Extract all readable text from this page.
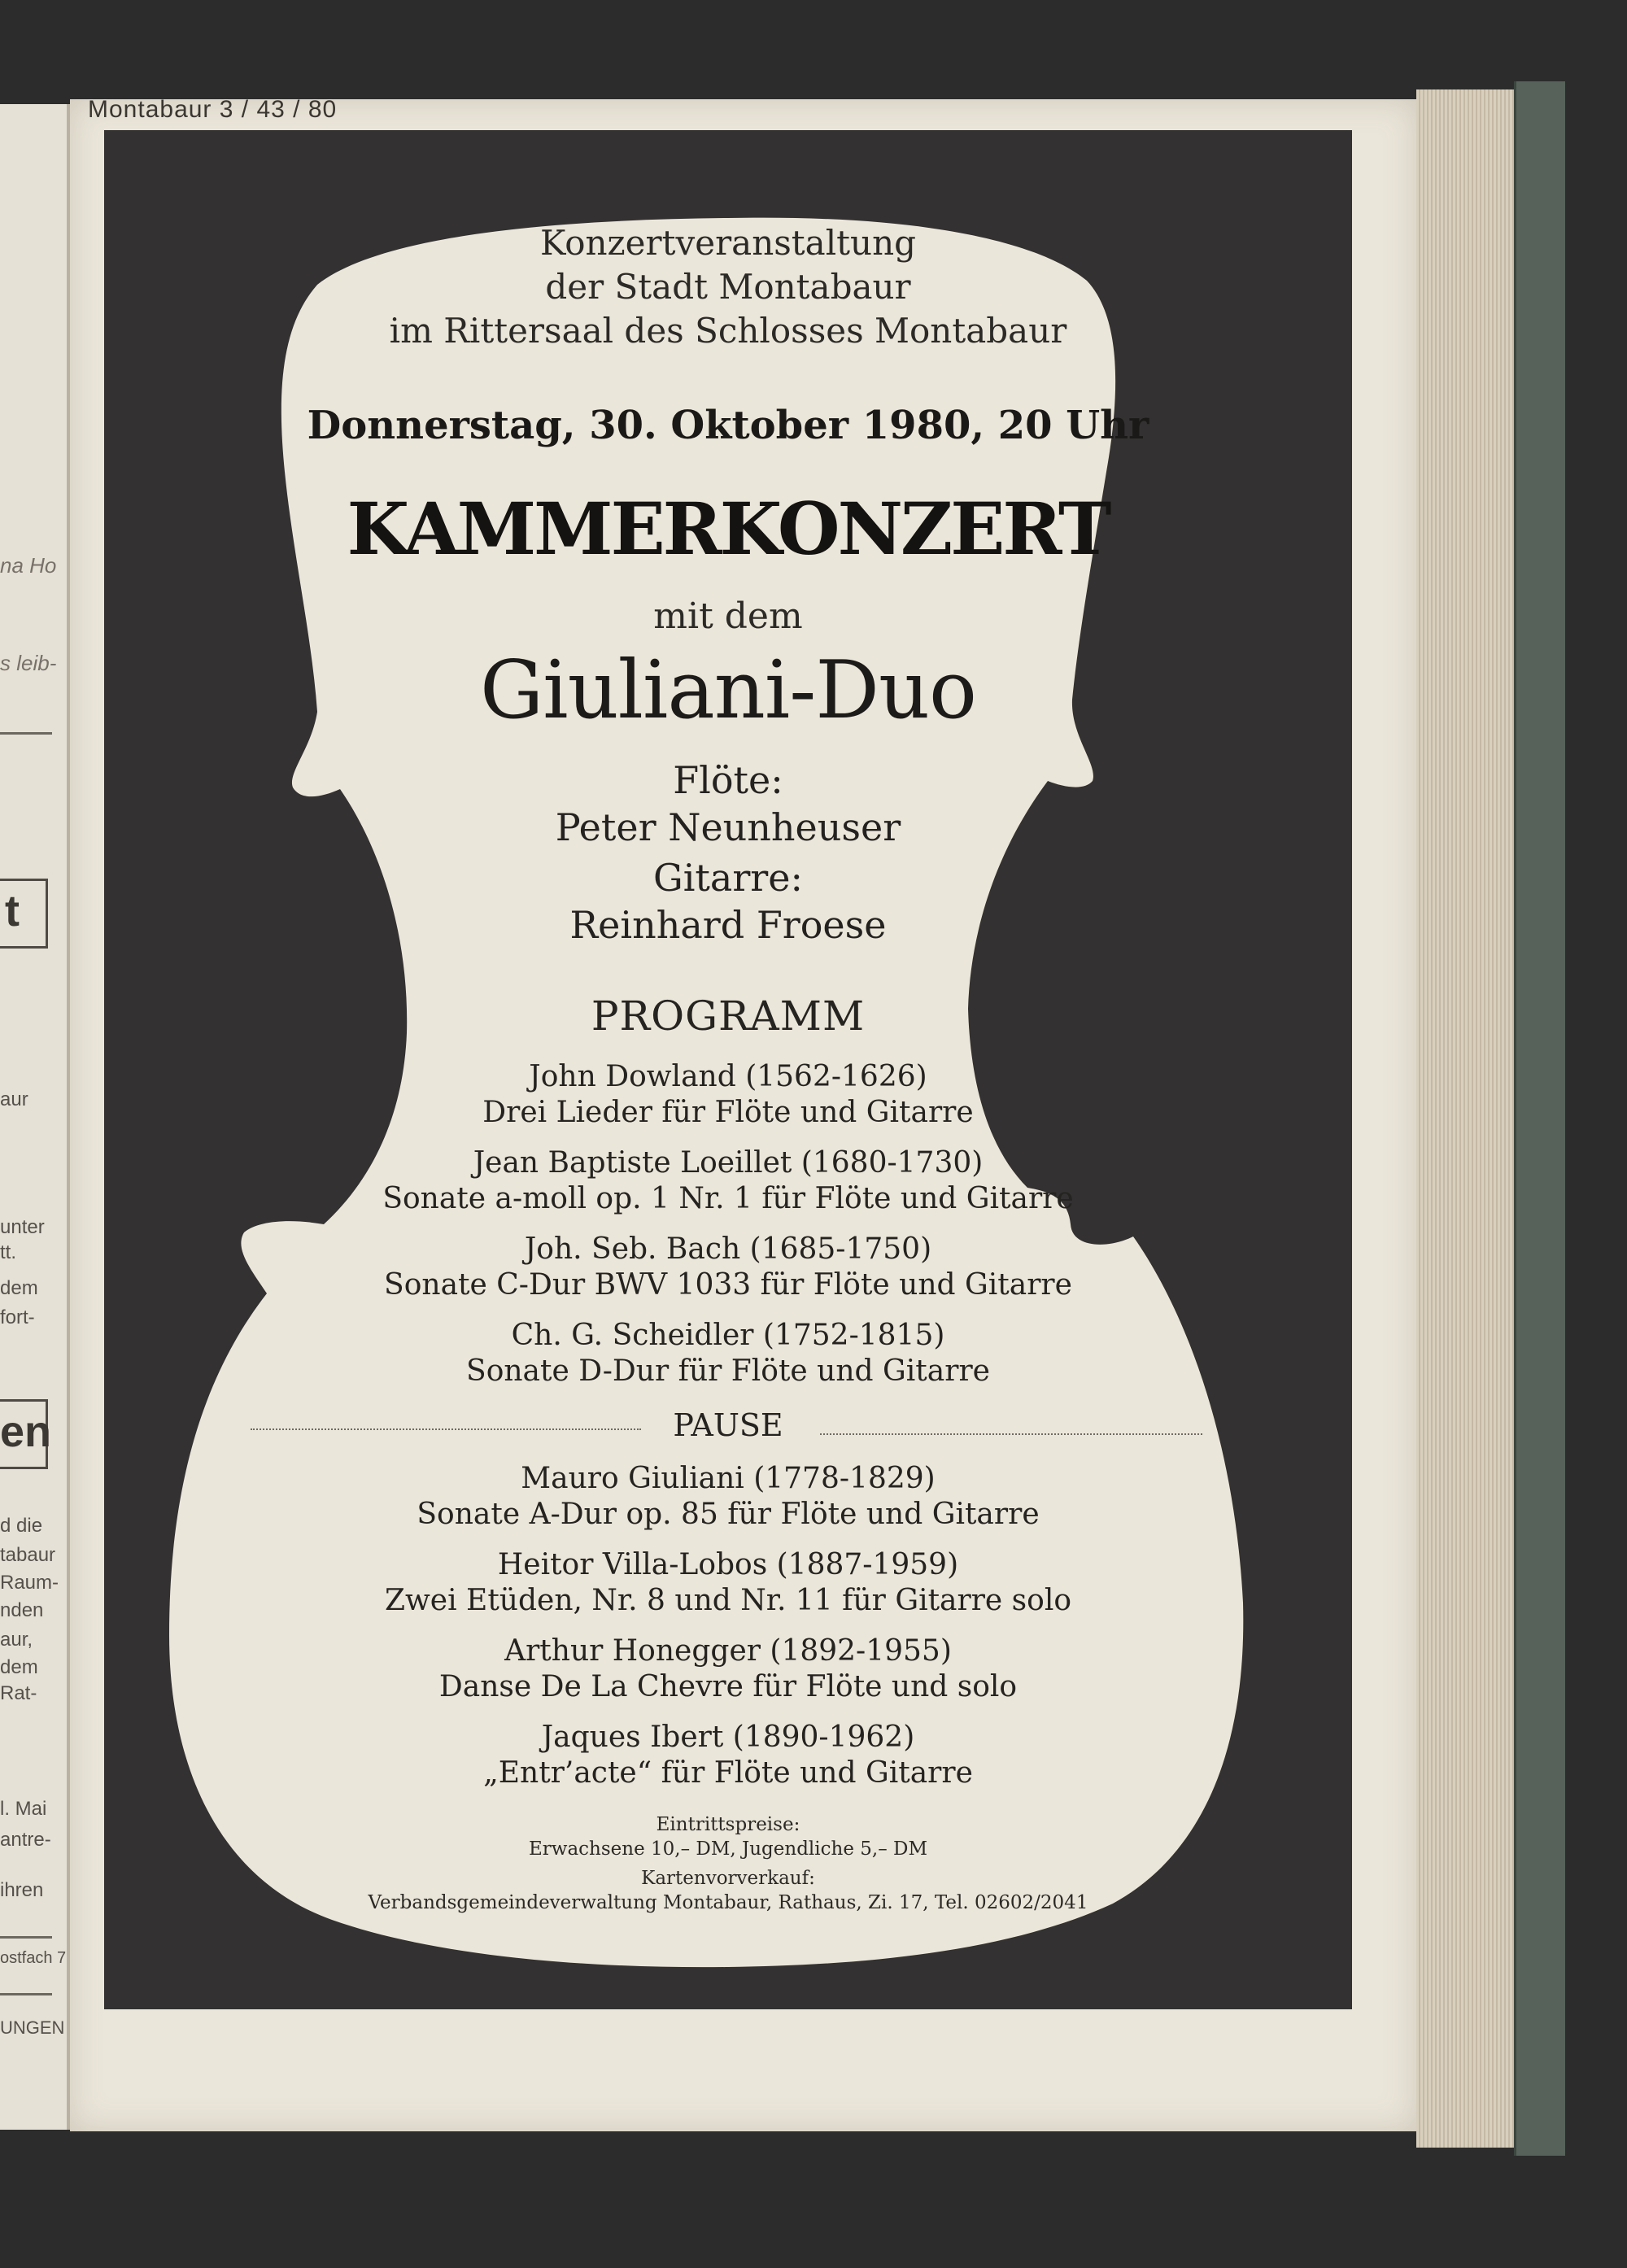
na Ho
s leib-
t
aur
unter
tt.
dem
fort-
en
d die
tabaur
Raum-
nden
aur,
dem
Rat-
l. Mai
antre-
ihren
ostfach 7
UNGEN
Montabaur 3 / 43 / 80
Konzertveranstaltung
der Stadt Montabaur
im Rittersaal des Schlosses Montabaur
Donnerstag, 30. Oktober 1980, 20 Uhr
KAMMERKONZERT
mit dem
Giuliani-Duo
Flöte:
Peter Neunheuser
Gitarre:
Reinhard Froese
PROGRAMM
John Dowland (1562-1626)
Drei Lieder für Flöte und Gitarre
Jean Baptiste Loeillet (1680-1730)
Sonate a-moll op. 1 Nr. 1 für Flöte und Gitarre
Joh. Seb. Bach (1685-1750)
Sonate C-Dur BWV 1033 für Flöte und Gitarre
Ch. G. Scheidler (1752-1815)
Sonate D-Dur für Flöte und Gitarre
PAUSE
Mauro Giuliani (1778-1829)
Sonate A-Dur op. 85 für Flöte und Gitarre
Heitor Villa-Lobos (1887-1959)
Zwei Etüden, Nr. 8 und Nr. 11 für Gitarre solo
Arthur Honegger (1892-1955)
Danse De La Chevre für Flöte und solo
Jaques Ibert (1890-1962)
„Entr’acte“ für Flöte und Gitarre
Eintrittspreise:
Erwachsene 10,– DM, Jugendliche 5,– DM
Kartenvorverkauf:
Verbandsgemeindeverwaltung Montabaur, Rathaus, Zi. 17, Tel. 02602/2041
